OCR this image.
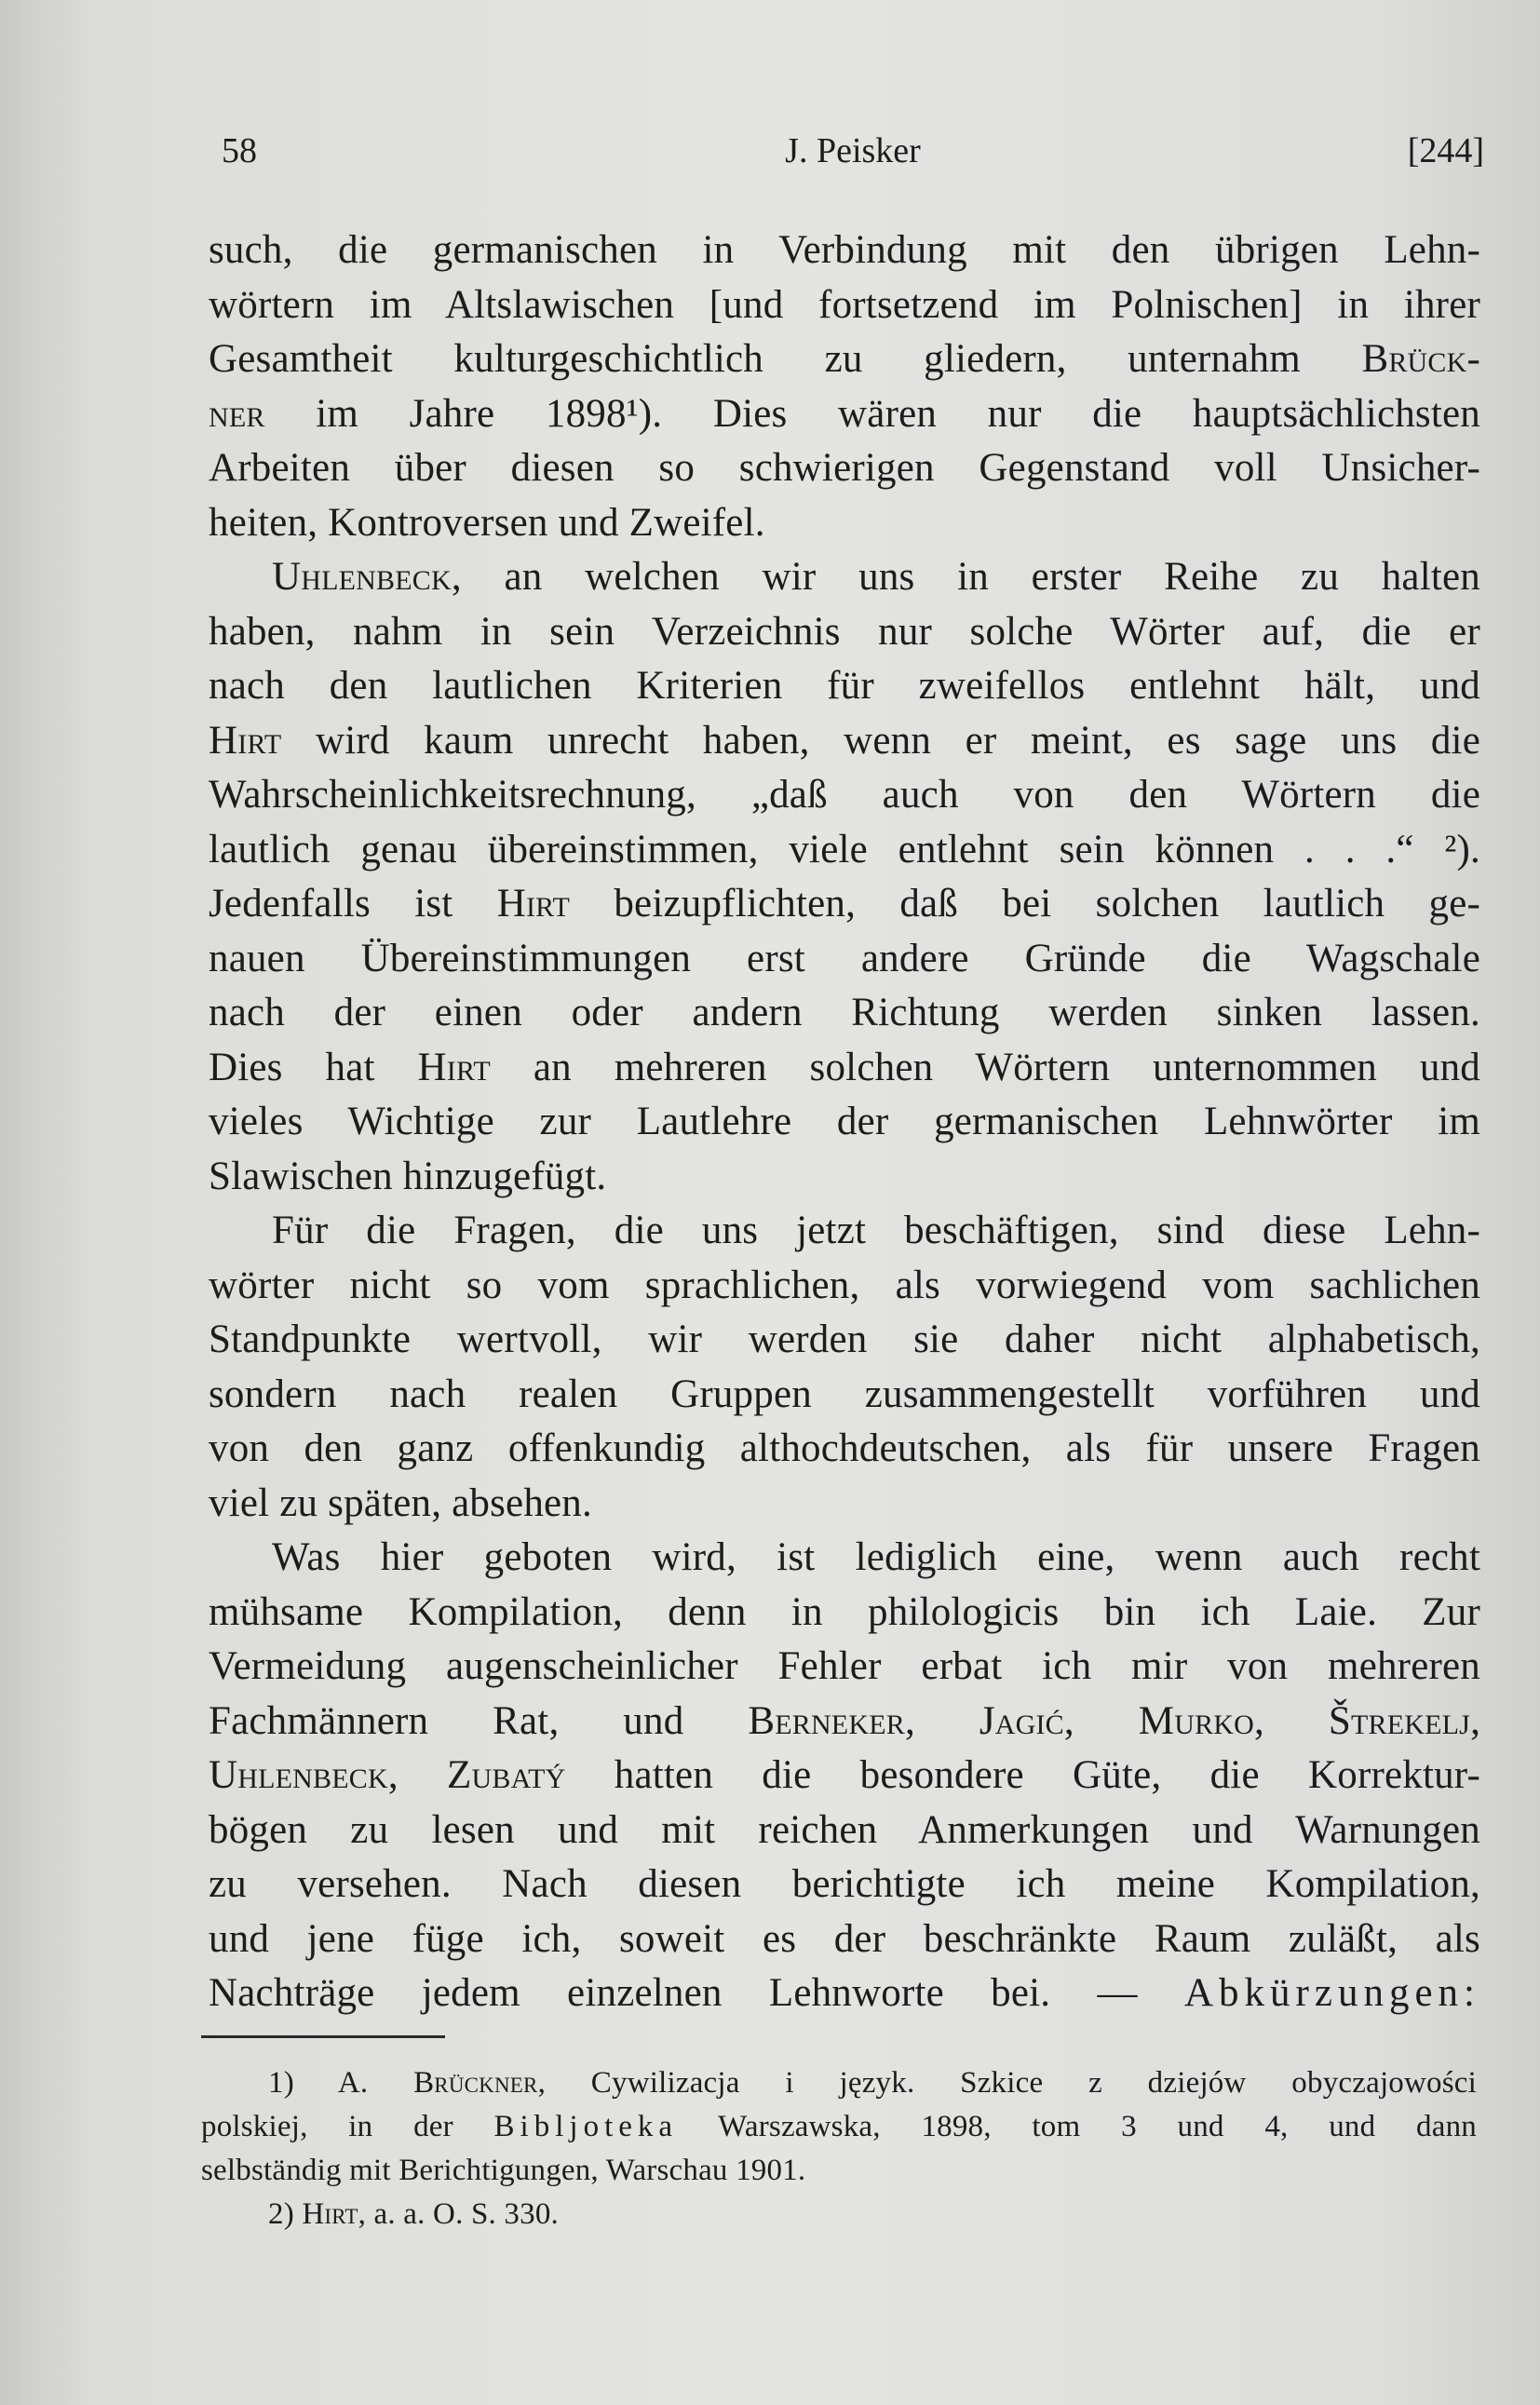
58	J. Peisker	[244]
such, die germanischen in Verbindung mit den übrigen Lehn-
wörtern im Altslawischen [und fortsetzend im Polnischen] in ihrer
Gesamtheit kulturgeschichtlich zu gliedern, unternahm Brück-
ner im Jahre 1898¹). Dies wären nur die hauptsächlichsten
Arbeiten über diesen so schwierigen Gegenstand voll Unsicher-
heiten, Kontroversen und Zweifel.
Uhlenbeck, an welchen wir uns in erster Reihe zu halten
haben, nahm in sein Verzeichnis nur solche Wörter auf, die er
nach den lautlichen Kriterien für zweifellos entlehnt hält, und
Hirt wird kaum unrecht haben, wenn er meint, es sage uns die
Wahrscheinlichkeitsrechnung, „daß auch von den Wörtern die
lautlich genau übereinstimmen, viele entlehnt sein können . . .“ ²).
Jedenfalls ist Hirt beizupflichten, daß bei solchen lautlich ge-
nauen Übereinstimmungen erst andere Gründe die Wagschale
nach der einen oder andern Richtung werden sinken lassen.
Dies hat Hirt an mehreren solchen Wörtern unternommen und
vieles Wichtige zur Lautlehre der germanischen Lehnwörter im
Slawischen hinzugefügt.
Für die Fragen, die uns jetzt beschäftigen, sind diese Lehn-
wörter nicht so vom sprachlichen, als vorwiegend vom sachlichen
Standpunkte wertvoll, wir werden sie daher nicht alphabetisch,
sondern nach realen Gruppen zusammengestellt vorführen und
von den ganz offenkundig althochdeutschen, als für unsere Fragen
viel zu späten, absehen.
Was hier geboten wird, ist lediglich eine, wenn auch recht
mühsame Kompilation, denn in philologicis bin ich Laie. Zur
Vermeidung augenscheinlicher Fehler erbat ich mir von mehreren
Fachmännern Rat, und Berneker, Jagić, Murko, Štrekelj,
Uhlenbeck, Zubatý hatten die besondere Güte, die Korrektur-
bögen zu lesen und mit reichen Anmerkungen und Warnungen
zu versehen. Nach diesen berichtigte ich meine Kompilation,
und jene füge ich, soweit es der beschränkte Raum zuläßt, als
Nachträge jedem einzelnen Lehnworte bei. — Abkürzungen:
1) A. Brückner, Cywilizacja i język. Szkice z dziejów obyczajowości
polskiej, in der Bibljoteka Warszawska, 1898, tom 3 und 4, und dann
selbständig mit Berichtigungen, Warschau 1901.
2) Hirt, a. a. O. S. 330.
